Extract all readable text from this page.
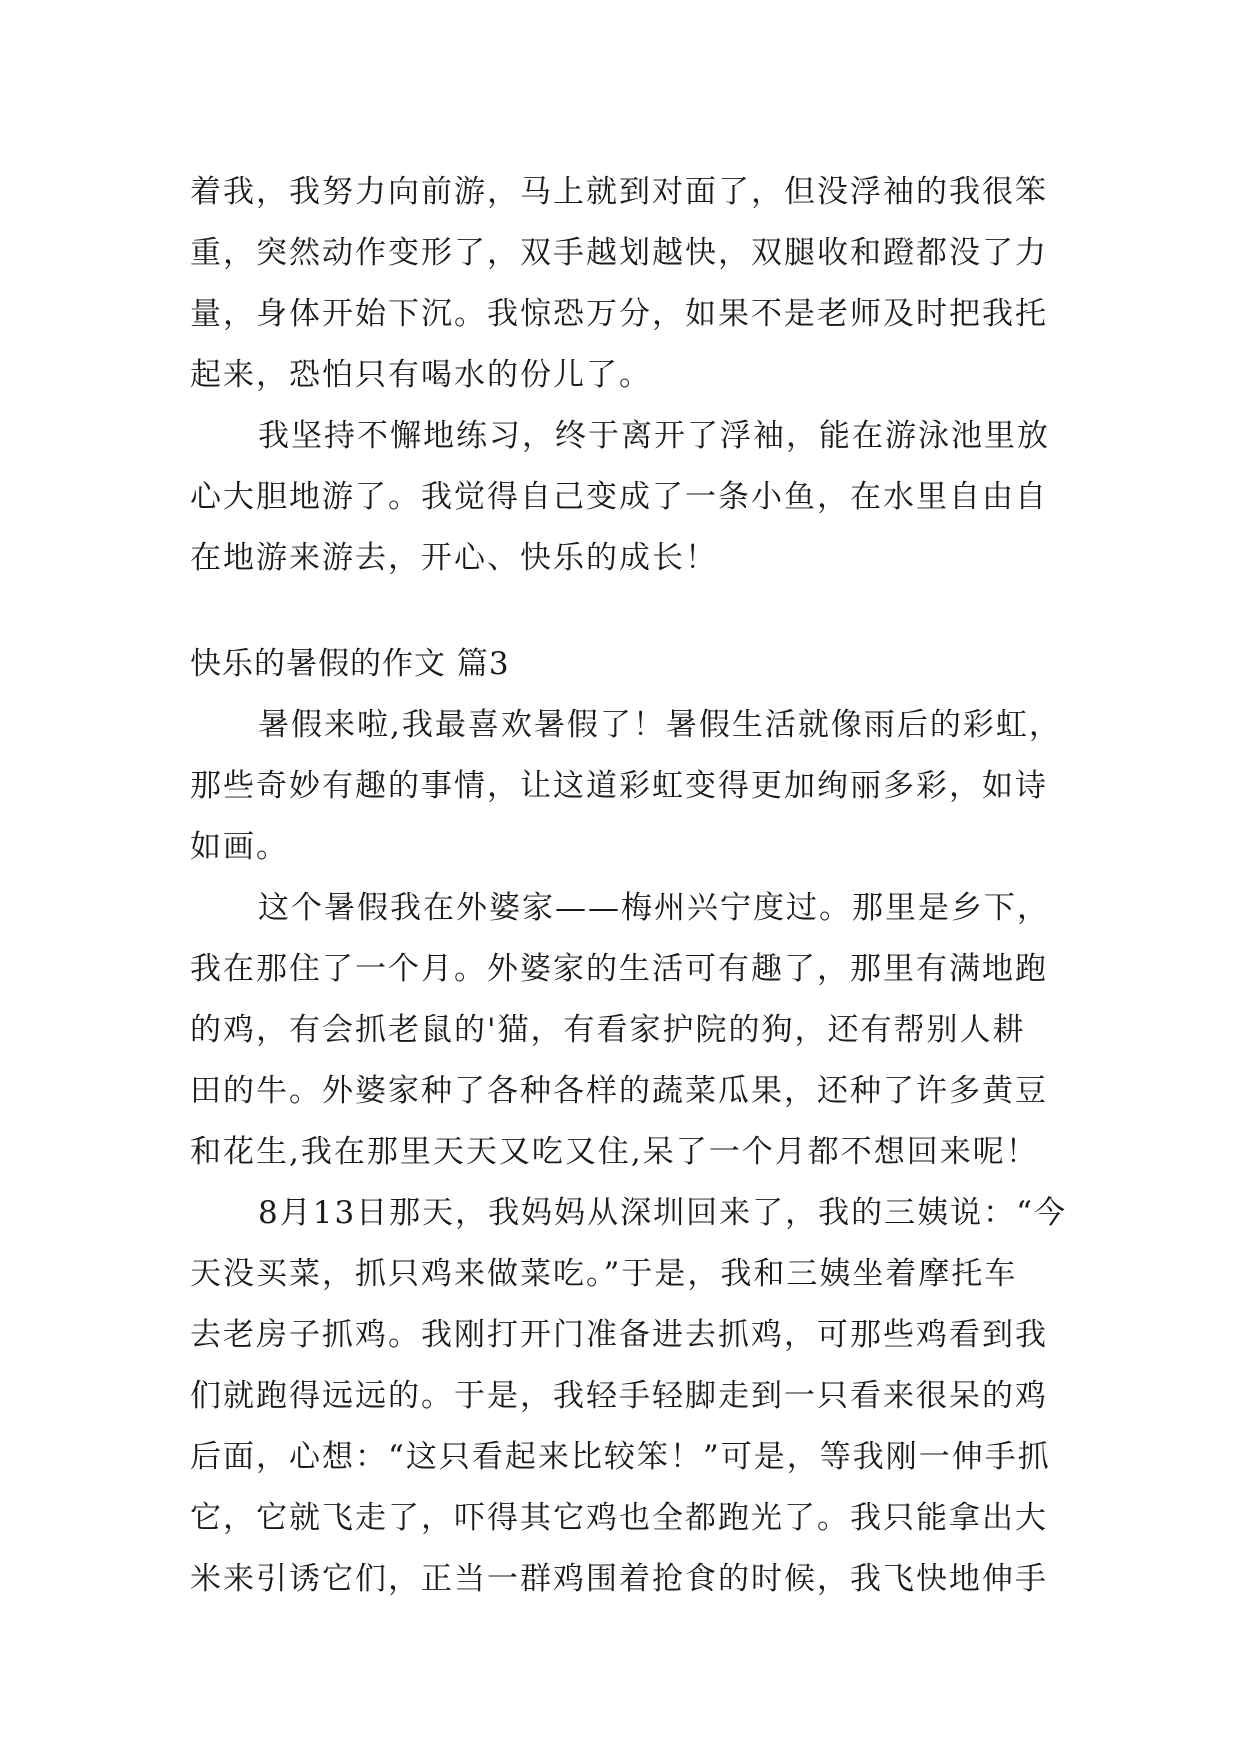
着我，我努力向前游，马上就到对面了，但没浮袖的我很笨
重，突然动作变形了，双手越划越快，双腿收和蹬都没了力
量，身体开始下沉。我惊恐万分，如果不是老师及时把我托
起来，恐怕只有喝水的份儿了。
我坚持不懈地练习，终于离开了浮袖，能在游泳池里放
心大胆地游了。我觉得自己变成了一条小鱼，在水里自由自
在地游来游去，开心、快乐的成长！
快乐的暑假的作文 篇3
暑假来啦,我最喜欢暑假了！暑假生活就像雨后的彩虹，
那些奇妙有趣的事情，让这道彩虹变得更加绚丽多彩，如诗
如画。
这个暑假我在外婆家——梅州兴宁度过。那里是乡下，
我在那住了一个月。外婆家的生活可有趣了，那里有满地跑
的鸡，有会抓老鼠的'猫，有看家护院的狗，还有帮别人耕
田的牛。外婆家种了各种各样的蔬菜瓜果，还种了许多黄豆
和花生,我在那里天天又吃又住,呆了一个月都不想回来呢！
8月13日那天，我妈妈从深圳回来了，我的三姨说：“今
天没买菜，抓只鸡来做菜吃。”于是，我和三姨坐着摩托车
去老房子抓鸡。我刚打开门准备进去抓鸡，可那些鸡看到我
们就跑得远远的。于是，我轻手轻脚走到一只看来很呆的鸡
后面，心想：“这只看起来比较笨！”可是，等我刚一伸手抓
它，它就飞走了，吓得其它鸡也全都跑光了。我只能拿出大
米来引诱它们，正当一群鸡围着抢食的时候，我飞快地伸手
